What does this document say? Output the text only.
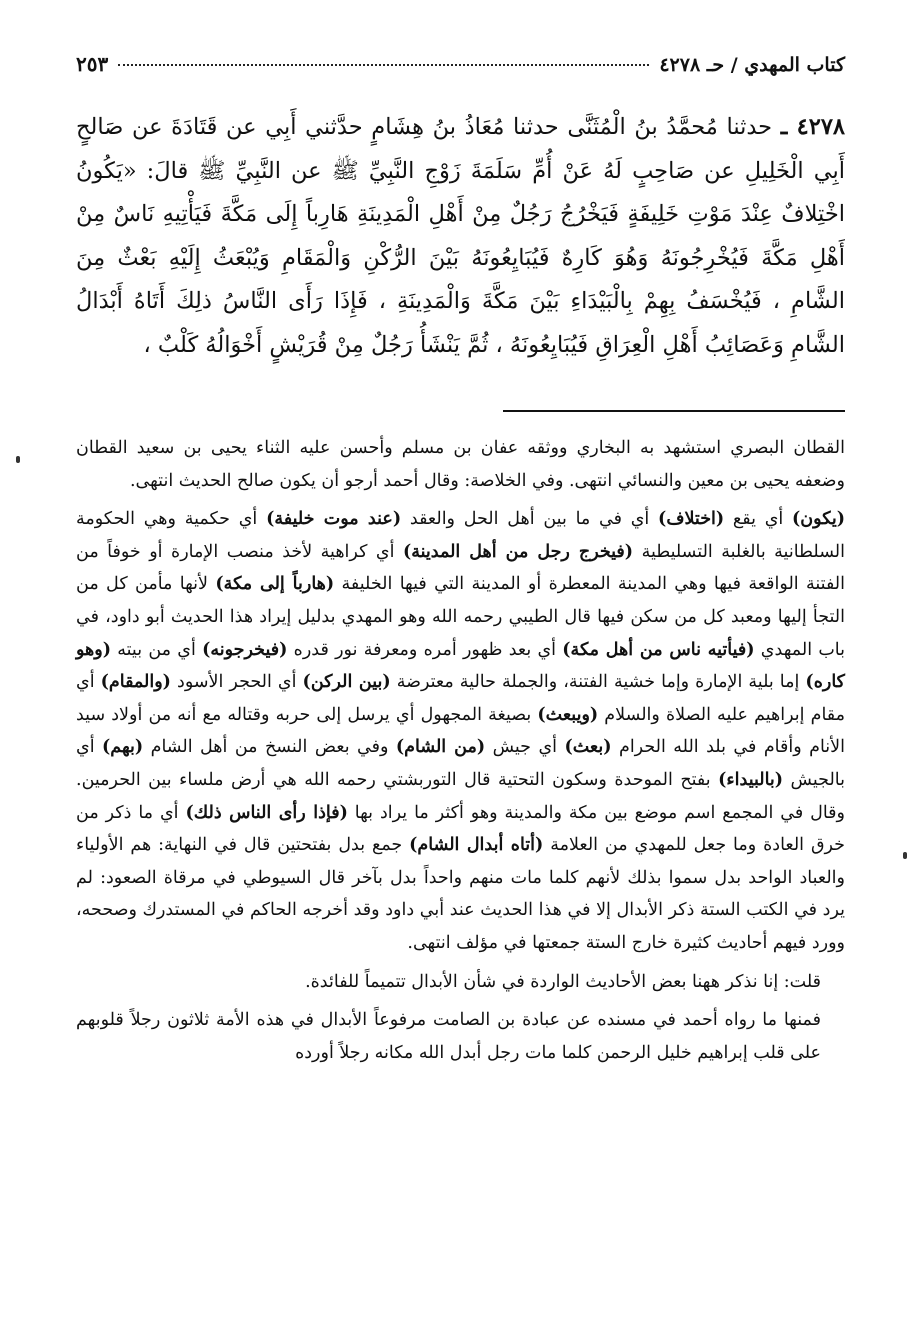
كتاب المهدي / حـ ٤٢٧٨
٢٥٣
٤٢٧٨ ـ حدثنا مُحمَّدُ بنُ الْمُثَنَّى حدثنا مُعَاذُ بنُ هِشَامٍ حدَّثني أَبِي عن قَتَادَةَ عن صَالحٍ أَبِي الْخَلِيلِ عن صَاحِبٍ لَهُ عَنْ أُمِّ سَلَمَةَ زَوْجِ النَّبِيِّ ﷺ عن النَّبِيِّ ﷺ قالَ: «يَكُونُ اخْتِلافٌ عِنْدَ مَوْتِ خَلِيفَةٍ فَيَخْرُجُ رَجُلٌ مِنْ أَهْلِ الْمَدِينَةِ هَارِباً إِلَى مَكَّةَ فَيَأْتِيهِ نَاسٌ مِنْ أَهْلِ مَكَّةَ فَيُخْرِجُونَهُ وَهُوَ كَارِهٌ فَيُبَايِعُونَهُ بَيْنَ الرُّكْنِ وَالْمَقَامِ وَيُبْعَثُ إِلَيْهِ بَعْثٌ مِنَ الشَّامِ ، فَيُخْسَفُ بِهِمْ بِالْبَيْدَاءِ بَيْنَ مَكَّةَ وَالْمَدِينَةِ ، فَإِذَا رَأَى النَّاسُ ذلِكَ أَتَاهُ أَبْدَالُ الشَّامِ وَعَصَائِبُ أَهْلِ الْعِرَاقِ فَيُبَايِعُونَهُ ، ثُمَّ يَنْشَأُ رَجُلٌ مِنْ قُرَيْشٍ أَخْوَالُهُ كَلْبٌ ،

القطان البصري استشهد به البخاري ووثقه عفان بن مسلم وأحسن عليه الثناء يحيى بن سعيد القطان وضعفه يحيى بن معين والنسائي انتهى. وفي الخلاصة: وقال أحمد أرجو أن يكون صالح الحديث انتهى.

(يكون) أي يقع (اختلاف) أي في ما بين أهل الحل والعقد (عند موت خليفة) أي حكمية وهي الحكومة السلطانية بالغلبة التسليطية (فيخرج رجل من أهل المدينة) أي كراهية لأخذ منصب الإمارة أو خوفاً من الفتنة الواقعة فيها وهي المدينة المعطرة أو المدينة التي فيها الخليفة (هارباً إلى مكة) لأنها مأمن كل من التجأ إليها ومعبد كل من سكن فيها قال الطيبي رحمه الله وهو المهدي بدليل إيراد هذا الحديث أبو داود، في باب المهدي (فيأتيه ناس من أهل مكة) أي بعد ظهور أمره ومعرفة نور قدره (فيخرجونه) أي من بيته (وهو كاره) إما بلية الإمارة وإما خشية الفتنة، والجملة حالية معترضة (بين الركن) أي الحجر الأسود (والمقام) أي مقام إبراهيم عليه الصلاة والسلام (ويبعث) بصيغة المجهول أي يرسل إلى حربه وقتاله مع أنه من أولاد سيد الأنام وأقام في بلد الله الحرام (بعث) أي جيش (من الشام) وفي بعض النسخ من أهل الشام (بهم) أي بالجيش (بالبيداء) بفتح الموحدة وسكون التحتية قال التوربشتي رحمه الله هي أرض ملساء بين الحرمين. وقال في المجمع اسم موضع بين مكة والمدينة وهو أكثر ما يراد بها (فإذا رأى الناس ذلك) أي ما ذكر من خرق العادة وما جعل للمهدي من العلامة (أتاه أبدال الشام) جمع بدل بفتحتين قال في النهاية: هم الأولياء والعباد الواحد بدل سموا بذلك لأنهم كلما مات منهم واحداً بدل بآخر قال السيوطي في مرقاة الصعود: لم يرد في الكتب الستة ذكر الأبدال إلا في هذا الحديث عند أبي داود وقد أخرجه الحاكم في المستدرك وصححه، وورد فيهم أحاديث كثيرة خارج الستة جمعتها في مؤلف انتهى.

قلت: إنا نذكر ههنا بعض الأحاديث الواردة في شأن الأبدال تتميماً للفائدة.

فمنها ما رواه أحمد في مسنده عن عبادة بن الصامت مرفوعاً الأبدال في هذه الأمة ثلاثون رجلاً قلوبهم على قلب إبراهيم خليل الرحمن كلما مات رجل أبدل الله مكانه رجلاً أورده
